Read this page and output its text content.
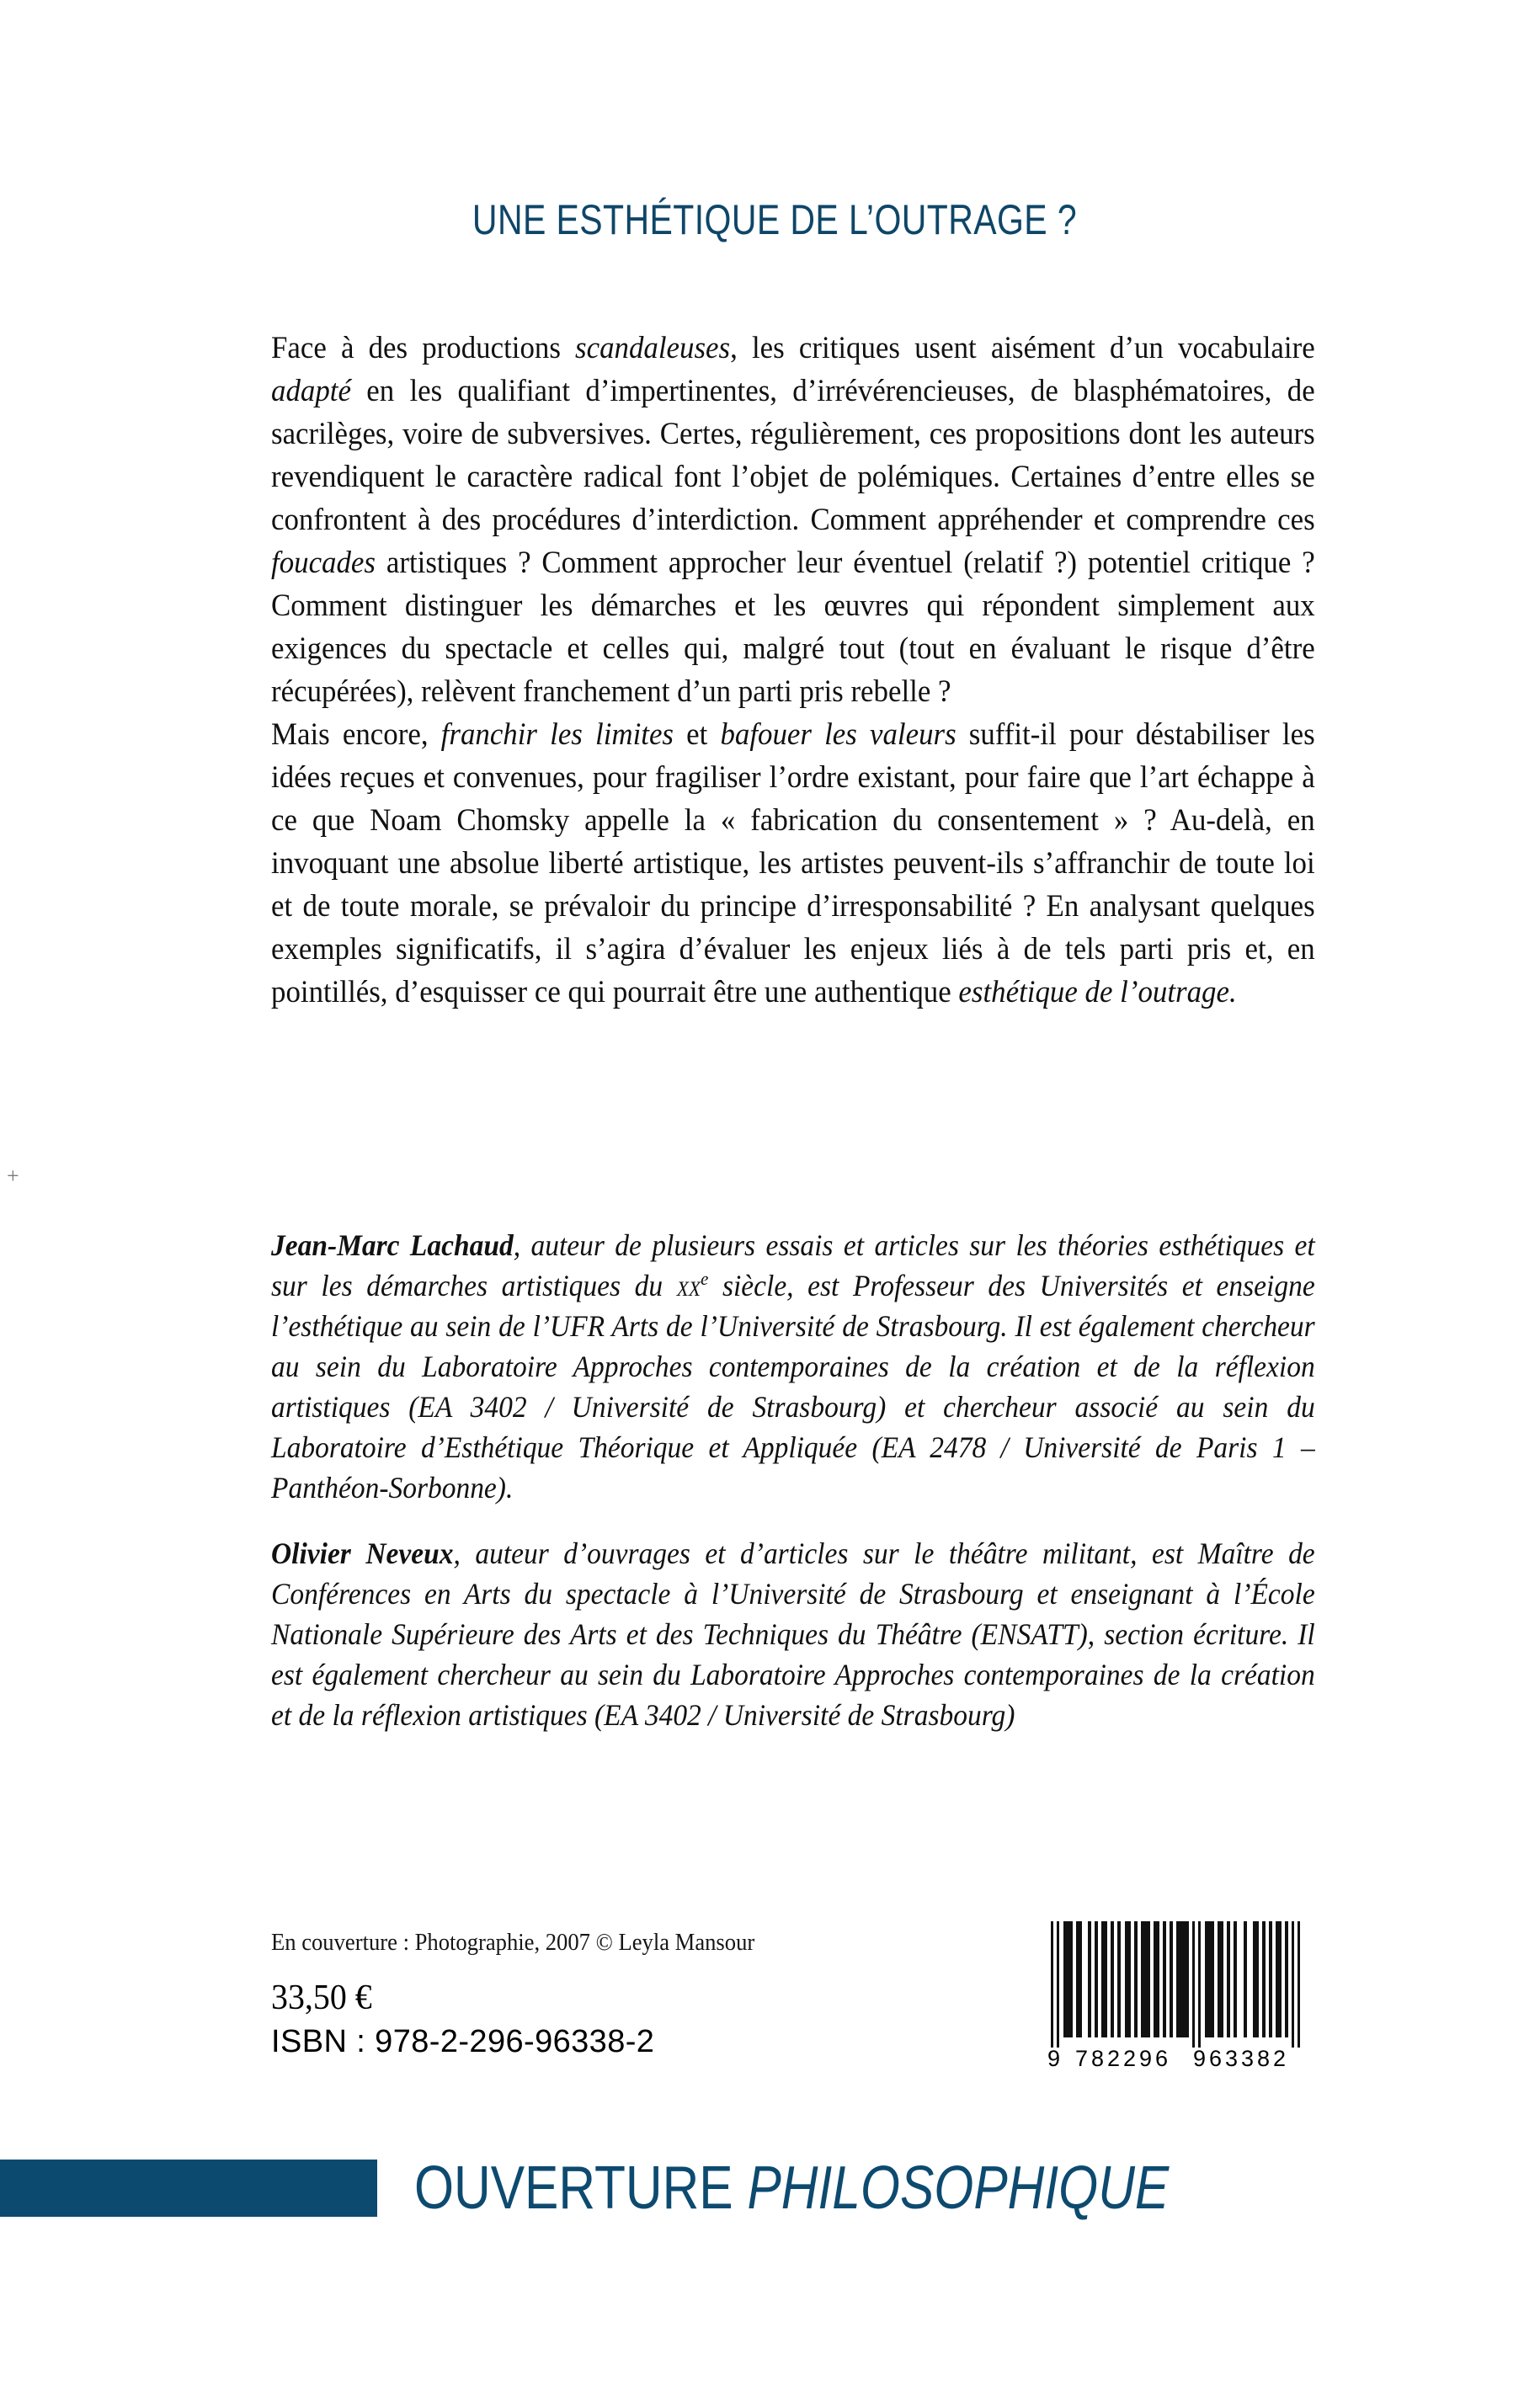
+
UNE ESTHÉTIQUE DE L’OUTRAGE ?

Face à des productions scandaleuses, les critiques usent aisément d’un vocabulaire adapté en les qualifiant d’impertinentes, d’irrévérencieuses, de blasphématoires, de sacrilèges, voire de subversives. Certes, régulièrement, ces propositions dont les auteurs revendiquent le caractère radical font l’objet de polémiques. Certaines d’entre elles se confrontent à des procédures d’interdiction. Comment appréhender et comprendre ces foucades artistiques ? Comment approcher leur éventuel (relatif ?) potentiel critique ? Comment distinguer les démarches et les œuvres qui répondent simplement aux exigences du spectacle et celles qui, malgré tout (tout en évaluant le risque d’être récupérées), relèvent franchement d’un parti pris rebelle ?

Mais encore, franchir les limites et bafouer les valeurs suffit-il pour déstabiliser les idées reçues et convenues, pour fragiliser l’ordre existant, pour faire que l’art échappe à ce que Noam Chomsky appelle la « fabrication du consentement » ? Au-delà, en invoquant une absolue liberté artistique, les artistes peuvent-ils s’affranchir de toute loi et de toute morale, se prévaloir du principe d’irresponsabilité ? En analysant quelques exemples significatifs, il s’agira d’évaluer les enjeux liés à de tels parti pris et, en pointillés, d’esquisser ce qui pourrait être une authentique esthétique de l’outrage.

Jean-Marc Lachaud, auteur de plusieurs essais et articles sur les théories esthétiques et sur les démarches artistiques du $xx^e$ siècle, est Professeur des Universités et enseigne l’esthétique au sein de l’UFR Arts de l’Université de Strasbourg. Il est également chercheur au sein du Laboratoire Approches contemporaines de la création et de la réflexion artistiques (EA 3402 / Université de Strasbourg) et chercheur associé au sein du Laboratoire d’Esthétique Théorique et Appliquée (EA 2478 / Université de Paris 1 – Panthéon-Sorbonne).

Olivier Neveux, auteur d’ouvrages et d’articles sur le théâtre militant, est Maître de Conférences en Arts du spectacle à l’Université de Strasbourg et enseignant à l’École Nationale Supérieure des Arts et des Techniques du Théâtre (ENSATT), section écriture. Il est également chercheur au sein du Laboratoire Approches contemporaines de la création et de la réflexion artistiques (EA 3402 / Université de Strasbourg)

En couverture : Photographie, 2007 © Leyla Mansour

33,50 €

ISBN : 978-2-296-96338-2	9 782296 963382
OUVERTURE PHILOSOPHIQUE
